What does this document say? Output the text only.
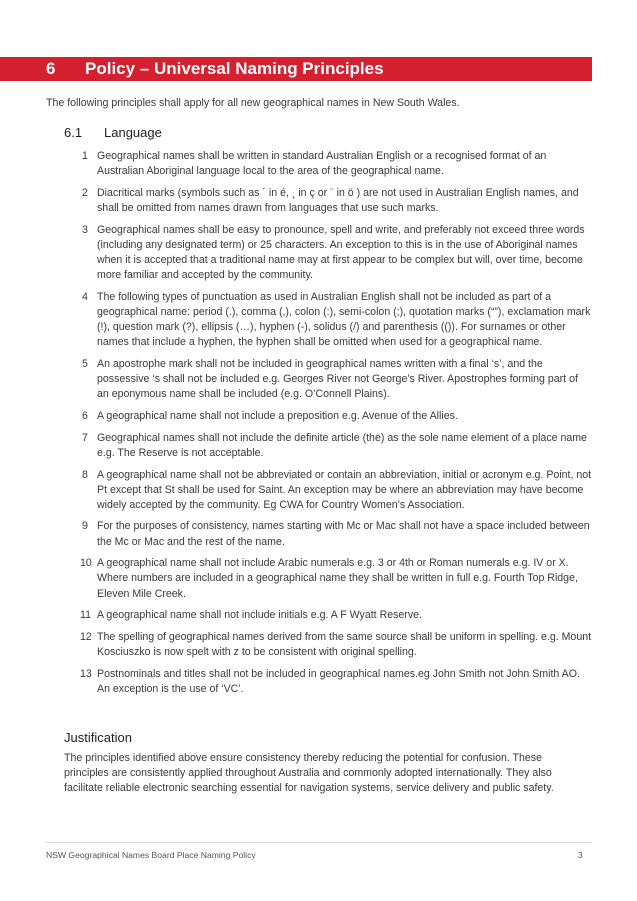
6 Policy – Universal Naming Principles

The following principles shall apply for all new geographical names in New South Wales.

6.1 Language
1 Geographical names shall be written in standard Australian English or a recognised format of an Australian Aboriginal language local to the area of the geographical name.
2 Diacritical marks (symbols such as ´ in é, ¸ in ç or ¨ in ö ) are not used in Australian English names, and shall be omitted from names drawn from languages that use such marks.
3 Geographical names shall be easy to pronounce, spell and write, and preferably not exceed three words (including any designated term) or 25 characters. An exception to this is in the use of Aboriginal names when it is accepted that a traditional name may at first appear to be complex but will, over time, become more familiar and accepted by the community.
4 The following types of punctuation as used in Australian English shall not be included as part of a geographical name: period (.), comma (,), colon (:), semi-colon (;), quotation marks (“”), exclamation mark (!), question mark (?), ellipsis (…), hyphen (-), solidus (/) and parenthesis (()). For surnames or other names that include a hyphen, the hyphen shall be omitted when used for a geographical name.
5 An apostrophe mark shall not be included in geographical names written with a final ‘s’, and the possessive ‘s shall not be included e.g. Georges River not George’s River. Apostrophes forming part of an eponymous name shall be included (e.g. O’Connell Plains).
6 A geographical name shall not include a preposition e.g. Avenue of the Allies.
7 Geographical names shall not include the definite article (the) as the sole name element of a place name e.g. The Reserve is not acceptable.
8 A geographical name shall not be abbreviated or contain an abbreviation, initial or acronym e.g. Point, not Pt except that St shall be used for Saint. An exception may be where an abbreviation may have become widely accepted by the community. Eg CWA for Country Women’s Association.
9 For the purposes of consistency, names starting with Mc or Mac shall not have a space included between the Mc or Mac and the rest of the name.
10 A geographical name shall not include Arabic numerals e.g. 3 or 4th or Roman numerals e.g. IV or X. Where numbers are included in a geographical name they shall be written in full e.g. Fourth Top Ridge, Eleven Mile Creek.
11 A geographical name shall not include initials e.g. A F Wyatt Reserve.
12 The spelling of geographical names derived from the same source shall be uniform in spelling. e.g. Mount Kosciuszko is now spelt with z to be consistent with original spelling.
13 Postnominals and titles shall not be included in geographical names.eg John Smith not John Smith AO. An exception is the use of ‘VC’.
Justification

The principles identified above ensure consistency thereby reducing the potential for confusion. These principles are consistently applied throughout Australia and commonly adopted internationally. They also facilitate reliable electronic searching essential for navigation systems, service delivery and public safety.

NSW Geographical Names Board Place Naming Policy	3
